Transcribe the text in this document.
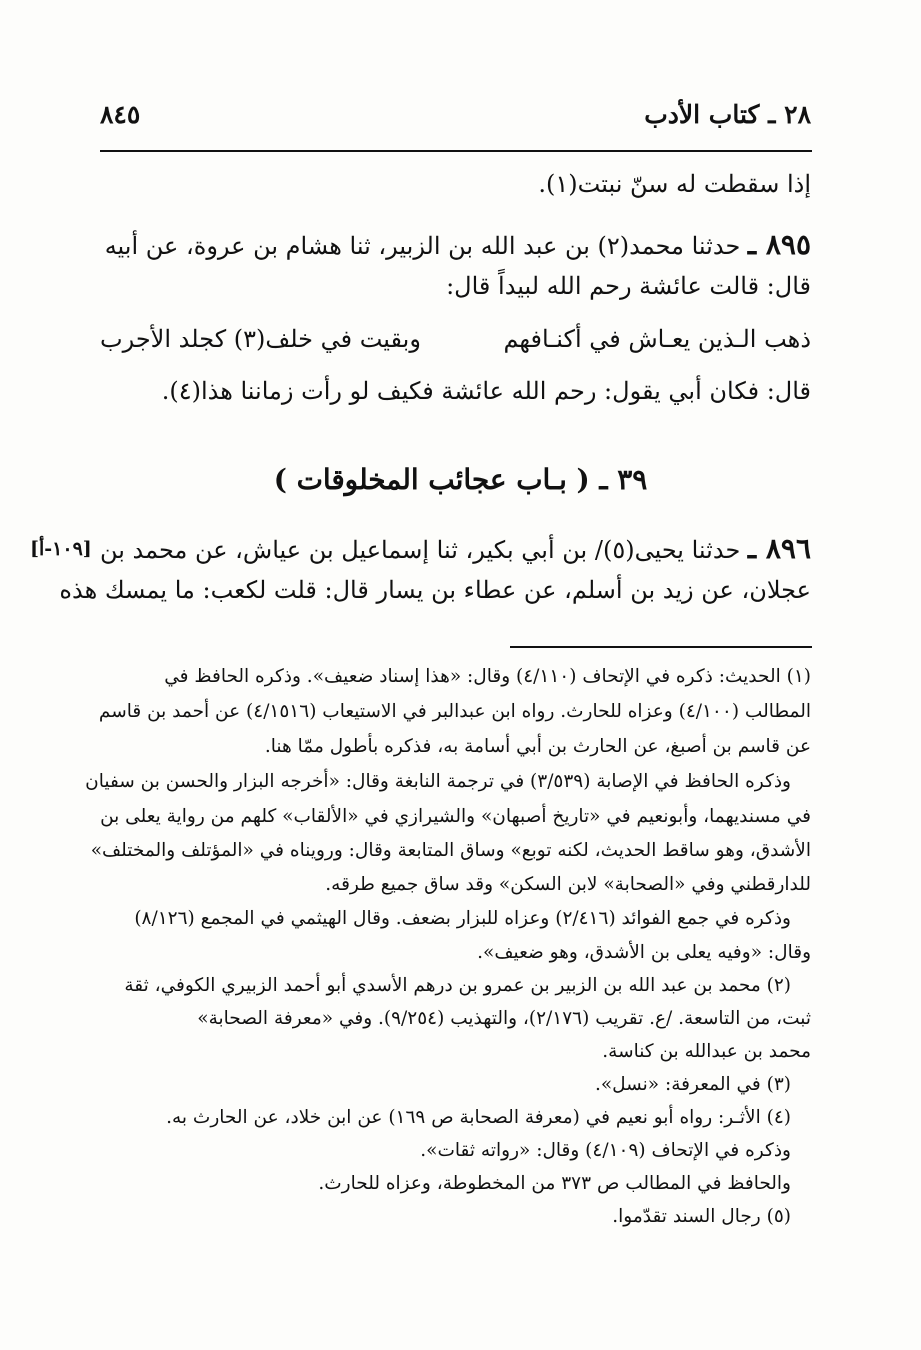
٢٨ ـ كتاب الأدب
٨٤٥
إذا سقطت له سنّ نبتت(١).
٨٩٥ ـ حدثنا محمد(٢) بن عبد الله بن الزبير، ثنا هشام بن عروة، عن أبيه
قال: قالت عائشة رحم الله لبيداً قال:
ذهب الـذين يعـاش في أكنـافهم
وبقيت في خلف(٣) كجلد الأجرب
قال: فكان أبي يقول: رحم الله عائشة فكيف لو رأت زماننا هذا(٤).
٣٩ ـ ( بـاب عجائب المخلوقات )
٨٩٦ ـ حدثنا يحيى(٥)/ بن أبي بكير، ثنا إسماعيل بن عياش، عن محمد بن
[١٠٩-أ]
عجلان، عن زيد بن أسلم، عن عطاء بن يسار قال: قلت لكعب: ما يمسك هذه
(١) الحديث: ذكره في الإتحاف (٤/١١٠) وقال: «هذا إسناد ضعيف». وذكره الحافظ في
المطالب (٤/١٠٠) وعزاه للحارث. رواه ابن عبدالبر في الاستيعاب (٤/١٥١٦) عن أحمد بن قاسم
عن قاسم بن أصبغ، عن الحارث بن أبي أسامة به، فذكره بأطول ممّا هنا.
وذكره الحافظ في الإصابة (٣/٥٣٩) في ترجمة النابغة وقال: «أخرجه البزار والحسن بن سفيان
في مسنديهما، وأبونعيم في «تاريخ أصبهان» والشيرازي في «الألقاب» كلهم من رواية يعلى بن
الأشدق، وهو ساقط الحديث، لكنه توبع» وساق المتابعة وقال: ورويناه في «المؤتلف والمختلف»
للدارقطني وفي «الصحابة» لابن السكن» وقد ساق جميع طرقه.
وذكره في جمع الفوائد (٢/٤١٦) وعزاه للبزار بضعف. وقال الهيثمي في المجمع (٨/١٢٦)
وقال: «وفيه يعلى بن الأشدق، وهو ضعيف».
(٢) محمد بن عبد الله بن الزبير بن عمرو بن درهم الأسدي أبو أحمد الزبيري الكوفي، ثقة
ثبت، من التاسعة. /ع. تقريب (٢/١٧٦)، والتهذيب (٩/٢٥٤). وفي «معرفة الصحابة»
محمد بن عبدالله بن كناسة.
(٣) في المعرفة: «نسل».
(٤) الأثـر: رواه أبو نعيم في (معرفة الصحابة ص ١٦٩) عن ابن خلاد، عن الحارث به.
وذكره في الإتحاف (٤/١٠٩) وقال: «رواته ثقات».
والحافظ في المطالب ص ٣٧٣ من المخطوطة، وعزاه للحارث.
(٥) رجال السند تقدّموا.
